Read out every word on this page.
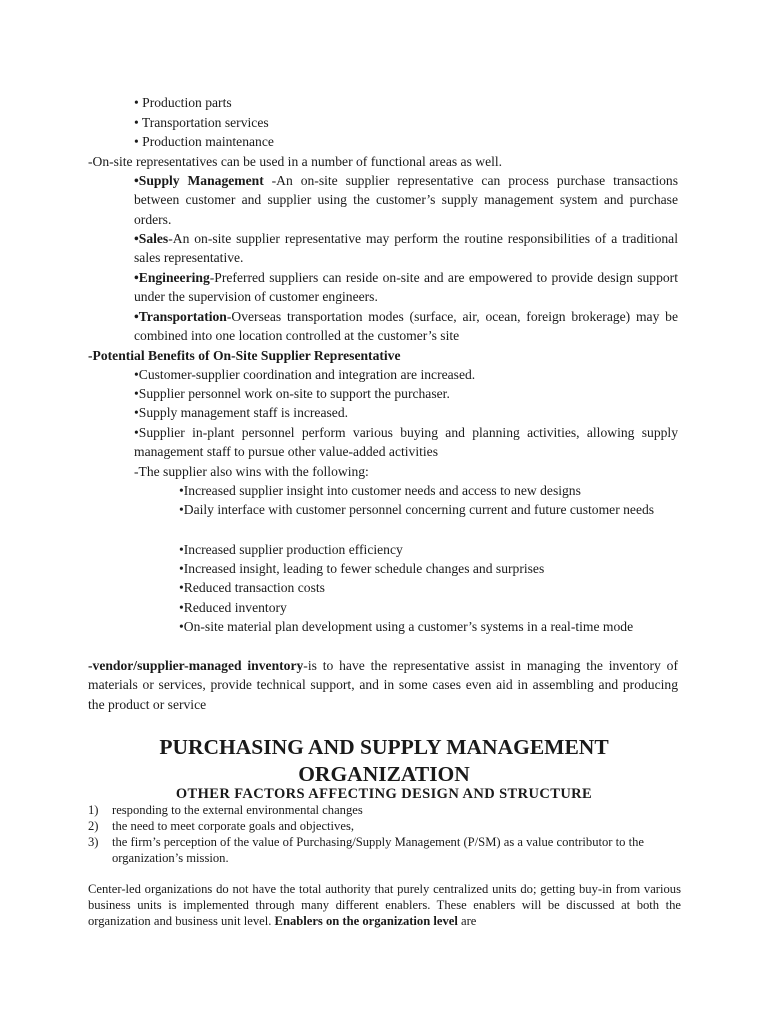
• Production parts
• Transportation services
• Production maintenance
-On-site representatives can be used in a number of functional areas as well.
•Supply Management -An on-site supplier representative can process purchase transactions between customer and supplier using the customer’s supply management system and purchase orders.
•Sales-An on-site supplier representative may perform the routine responsibilities of a traditional sales representative.
•Engineering-Preferred suppliers can reside on-site and are empowered to provide design support under the supervision of customer engineers.
•Transportation-Overseas transportation modes (surface, air, ocean, foreign brokerage) may be combined into one location controlled at the customer’s site
-Potential Benefits of On-Site Supplier Representative
•Customer-supplier coordination and integration are increased.
•Supplier personnel work on-site to support the purchaser.
•Supply management staff is increased.
•Supplier in-plant personnel perform various buying and planning activities, allowing supply management staff to pursue other value-added activities
-The supplier also wins with the following:
•Increased supplier insight into customer needs and access to new designs
•Daily interface with customer personnel concerning current and future customer needs
•Increased supplier production efficiency
•Increased insight, leading to fewer schedule changes and surprises
•Reduced transaction costs
•Reduced inventory
•On-site material plan development using a customer’s systems in a real-time mode
-vendor/supplier-managed inventory-is to have the representative assist in managing the inventory of materials or services, provide technical support, and in some cases even aid in assembling and producing the product or service
PURCHASING AND SUPPLY MANAGEMENT
ORGANIZATION
OTHER FACTORS AFFECTING DESIGN AND STRUCTURE
1) responding to the external environmental changes
2) the need to meet corporate goals and objectives,
3) the firm’s perception of the value of Purchasing/Supply Management (P/SM) as a value contributor to the organization’s mission.
Center-led organizations do not have the total authority that purely centralized units do; getting buy-in from various business units is implemented through many different enablers. These enablers will be discussed at both the organization and business unit level. Enablers on the organization level are
